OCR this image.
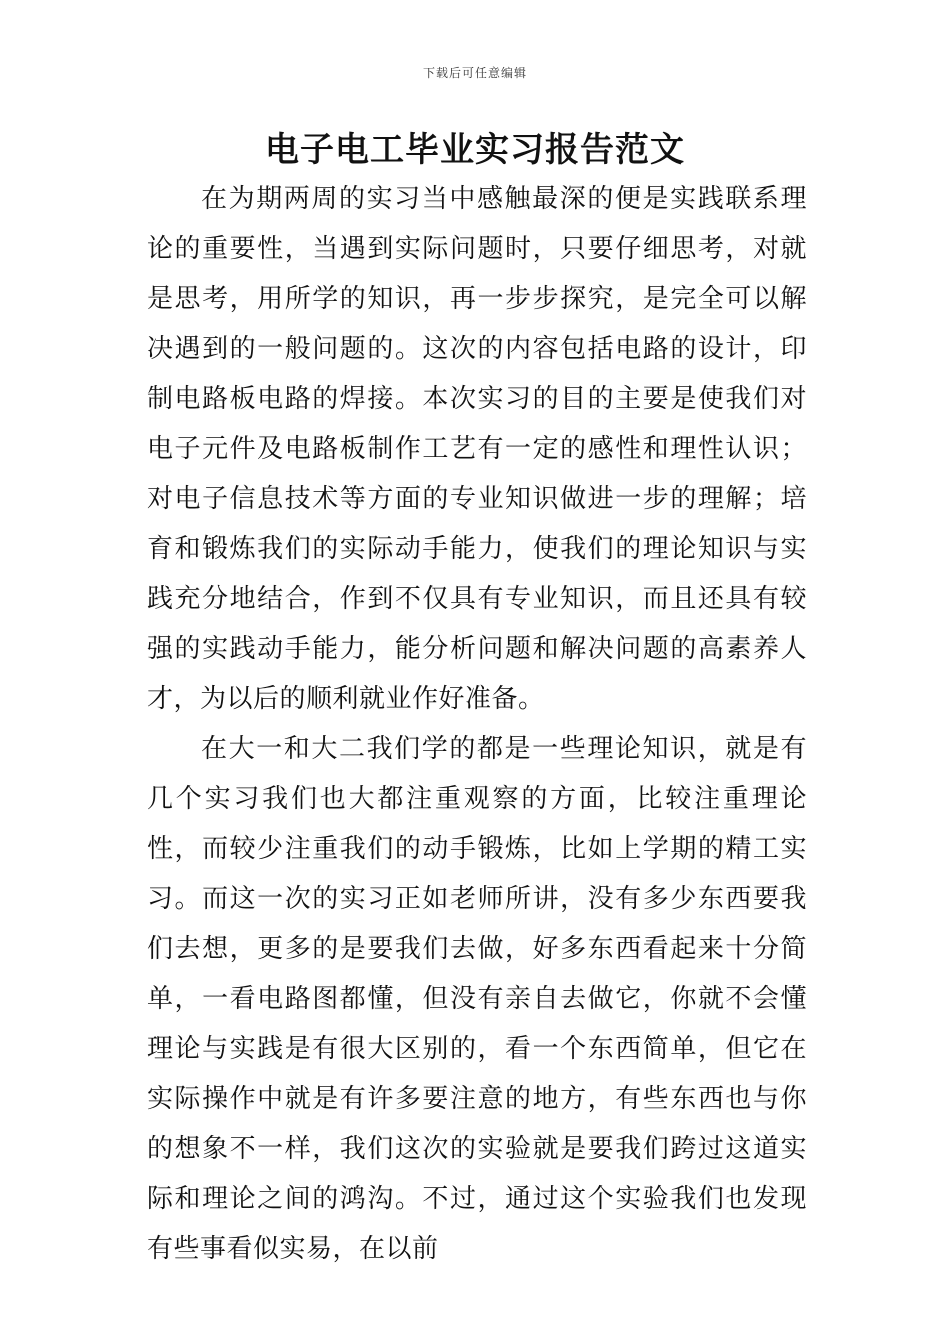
下载后可任意编辑
电子电工毕业实习报告范文

在为期两周的实习当中感触最深的便是实践联系理论的重要性，当遇到实际问题时，只要仔细思考，对就是思考，用所学的知识，再一步步探究，是完全可以解决遇到的一般问题的。这次的内容包括电路的设计，印制电路板电路的焊接。本次实习的目的主要是使我们对电子元件及电路板制作工艺有一定的感性和理性认识；对电子信息技术等方面的专业知识做进一步的理解；培育和锻炼我们的实际动手能力，使我们的理论知识与实践充分地结合，作到不仅具有专业知识，而且还具有较强的实践动手能力，能分析问题和解决问题的高素养人才，为以后的顺利就业作好准备。

在大一和大二我们学的都是一些理论知识，就是有几个实习我们也大都注重观察的方面，比较注重理论性，而较少注重我们的动手锻炼，比如上学期的精工实习。而这一次的实习正如老师所讲，没有多少东西要我们去想，更多的是要我们去做，好多东西看起来十分简单，一看电路图都懂，但没有亲自去做它，你就不会懂理论与实践是有很大区别的，看一个东西简单，但它在实际操作中就是有许多要注意的地方，有些东西也与你的想象不一样，我们这次的实验就是要我们跨过这道实际和理论之间的鸿沟。不过，通过这个实验我们也发现有些事看似实易，在以前
